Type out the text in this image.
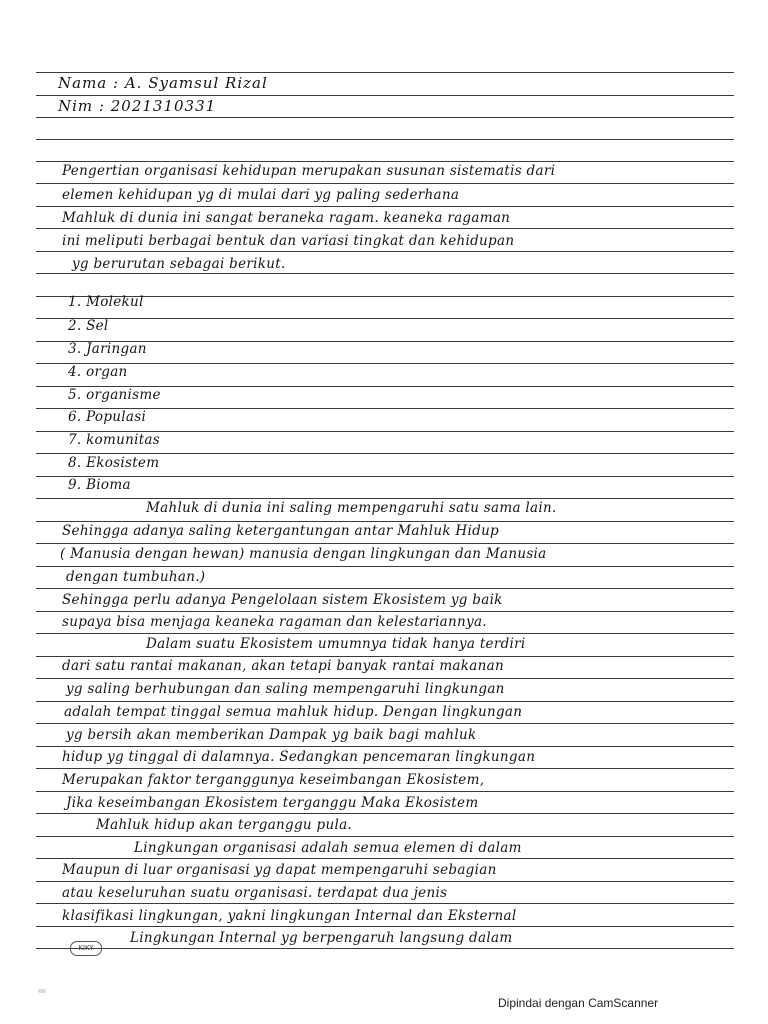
Nama : A. Syamsul Rizal
Nim : 2021310331
Pengertian organisasi kehidupan merupakan susunan sistematis dari
elemen kehidupan yg di mulai dari yg paling sederhana
Mahluk di dunia ini sangat beraneka ragam. keaneka ragaman
ini meliputi berbagai bentuk dan variasi tingkat dan kehidupan
yg berurutan sebagai berikut.
1. Molekul
2. Sel
3. Jaringan
4. organ
5. organisme
6. Populasi
7. komunitas
8. Ekosistem
9. Bioma
Mahluk di dunia ini saling mempengaruhi satu sama lain.
Sehingga adanya saling ketergantungan antar Mahluk Hidup
( Manusia dengan hewan) manusia dengan lingkungan dan Manusia
dengan tumbuhan.)
Sehingga perlu adanya Pengelolaan sistem Ekosistem yg baik
supaya bisa menjaga keaneka ragaman dan kelestariannya.
Dalam suatu Ekosistem umumnya tidak hanya terdiri
dari satu rantai makanan, akan tetapi banyak rantai makanan
yg saling berhubungan dan saling mempengaruhi lingkungan
adalah tempat tinggal semua mahluk hidup. Dengan lingkungan
yg bersih akan memberikan Dampak yg baik bagi mahluk
hidup yg tinggal di dalamnya. Sedangkan pencemaran lingkungan
Merupakan faktor terganggunya keseimbangan Ekosistem,
Jika keseimbangan Ekosistem terganggu Maka Ekosistem
Mahluk hidup akan terganggu pula.
Lingkungan organisasi adalah semua elemen di dalam
Maupun di luar organisasi yg dapat mempengaruhi sebagian
atau keseluruhan suatu organisasi. terdapat dua jenis
klasifikasi lingkungan, yakni lingkungan Internal dan Eksternal
Lingkungan Internal yg berpengaruh langsung dalam
KIKY
Dipindai dengan CamScanner
